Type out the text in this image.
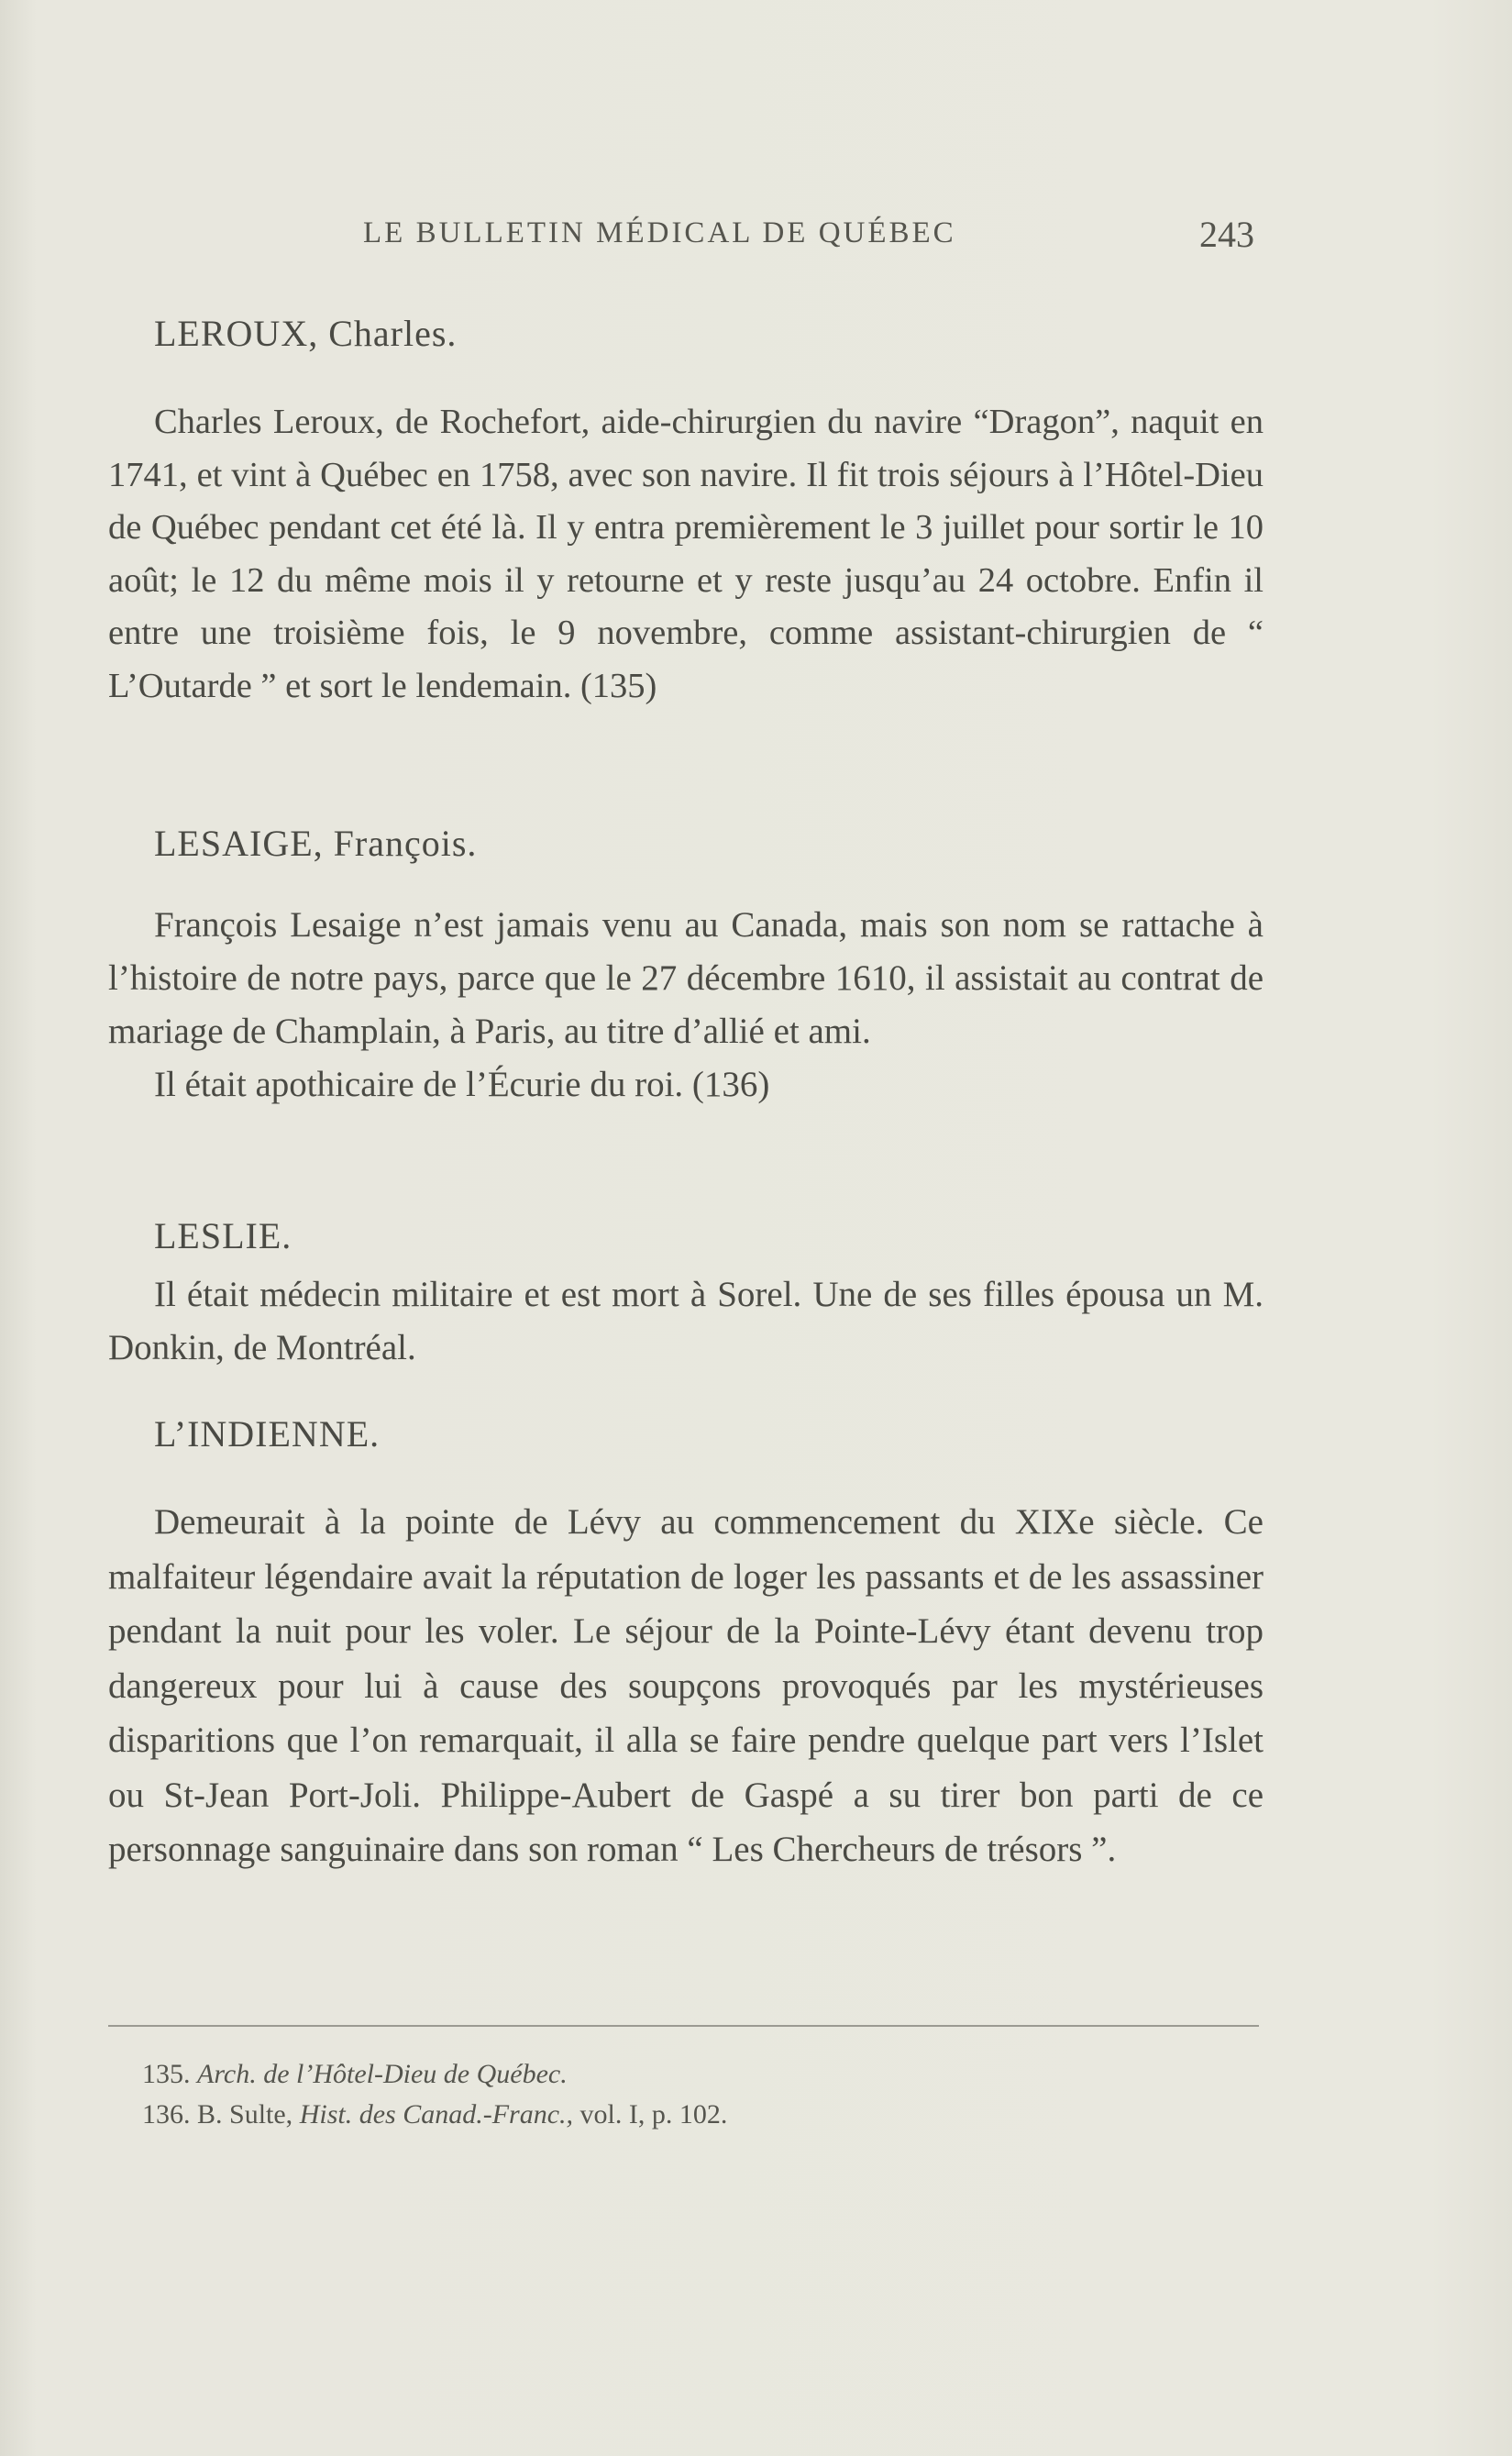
LE BULLETIN MÉDICAL DE QUÉBEC	243
LEROUX, Charles.

Charles Leroux, de Rochefort, aide-chirurgien du navire “Dragon”, naquit en 1741, et vint à Québec en 1758, avec son navire. Il fit trois séjours à l’Hôtel-Dieu de Québec pendant cet été là. Il y entra premièrement le 3 juillet pour sortir le 10 août; le 12 du même mois il y retourne et y reste jusqu’au 24 octobre. Enfin il entre une troisième fois, le 9 novembre, comme assistant-chirurgien de “ L’Outarde ” et sort le lendemain. (135)

LESAIGE, François.

François Lesaige n’est jamais venu au Canada, mais son nom se rattache à l’histoire de notre pays, parce que le 27 décembre 1610, il assistait au contrat de mariage de Champlain, à Paris, au titre d’allié et ami.

Il était apothicaire de l’Écurie du roi. (136)

LESLIE.

Il était médecin militaire et est mort à Sorel. Une de ses filles épousa un M. Donkin, de Montréal.

L’INDIENNE.

Demeurait à la pointe de Lévy au commencement du XIXe siècle. Ce malfaiteur légendaire avait la réputation de loger les passants et de les assassiner pendant la nuit pour les voler. Le séjour de la Pointe-Lévy étant devenu trop dangereux pour lui à cause des soupçons provoqués par les mystérieuses disparitions que l’on remarquait, il alla se faire pendre quelque part vers l’Islet ou St-Jean Port-Joli. Philippe-Aubert de Gaspé a su tirer bon parti de ce personnage sanguinaire dans son roman “ Les Chercheurs de trésors ”.

135. Arch. de l’Hôtel-Dieu de Québec.
136. B. Sulte, Hist. des Canad.-Franc., vol. I, p. 102.
